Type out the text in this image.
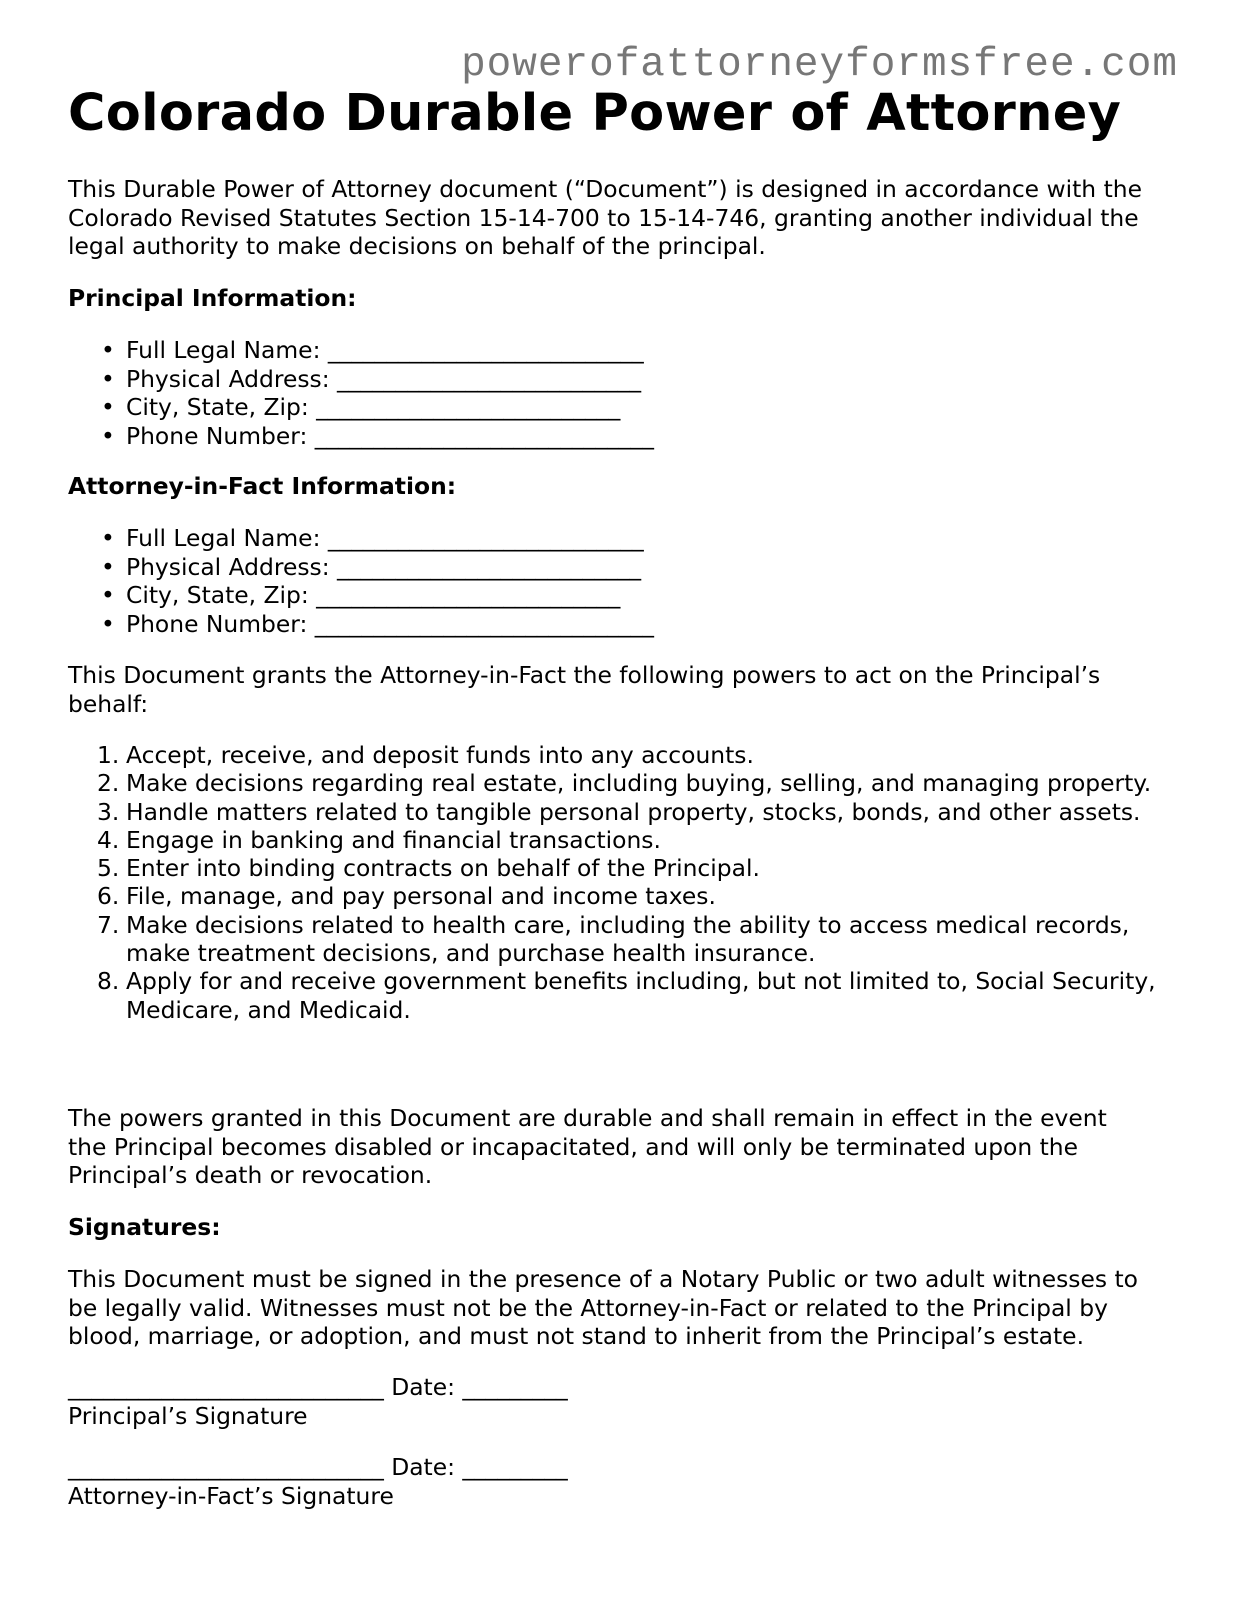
powerofattorneyformsfree.com
Colorado Durable Power of Attorney

This Durable Power of Attorney document (“Document”) is designed in accordance with the Colorado Revised Statutes Section 15-14-700 to 15-14-746, granting another individual the legal authority to make decisions on behalf of the principal.

Principal Information:
• Full Legal Name: ___________________________
• Physical Address: __________________________
• City, State, Zip: __________________________
• Phone Number: _____________________________
Attorney-in-Fact Information:
• Full Legal Name: ___________________________
• Physical Address: __________________________
• City, State, Zip: __________________________
• Phone Number: _____________________________

This Document grants the Attorney-in-Fact the following powers to act on the Principal’s behalf:

1. Accept, receive, and deposit funds into any accounts.
2. Make decisions regarding real estate, including buying, selling, and managing property.
3. Handle matters related to tangible personal property, stocks, bonds, and other assets.
4. Engage in banking and financial transactions.
5. Enter into binding contracts on behalf of the Principal.
6. File, manage, and pay personal and income taxes.
7. Make decisions related to health care, including the ability to access medical records, make treatment decisions, and purchase health insurance.
8. Apply for and receive government benefits including, but not limited to, Social Security, Medicare, and Medicaid.

The powers granted in this Document are durable and shall remain in effect in the event the Principal becomes disabled or incapacitated, and will only be terminated upon the Principal’s death or revocation.

Signatures:

This Document must be signed in the presence of a Notary Public or two adult witnesses to be legally valid. Witnesses must not be the Attorney-in-Fact or related to the Principal by blood, marriage, or adoption, and must not stand to inherit from the Principal’s estate.

___________________________ Date: _________
Principal’s Signature
___________________________ Date: _________
Attorney-in-Fact’s Signature
